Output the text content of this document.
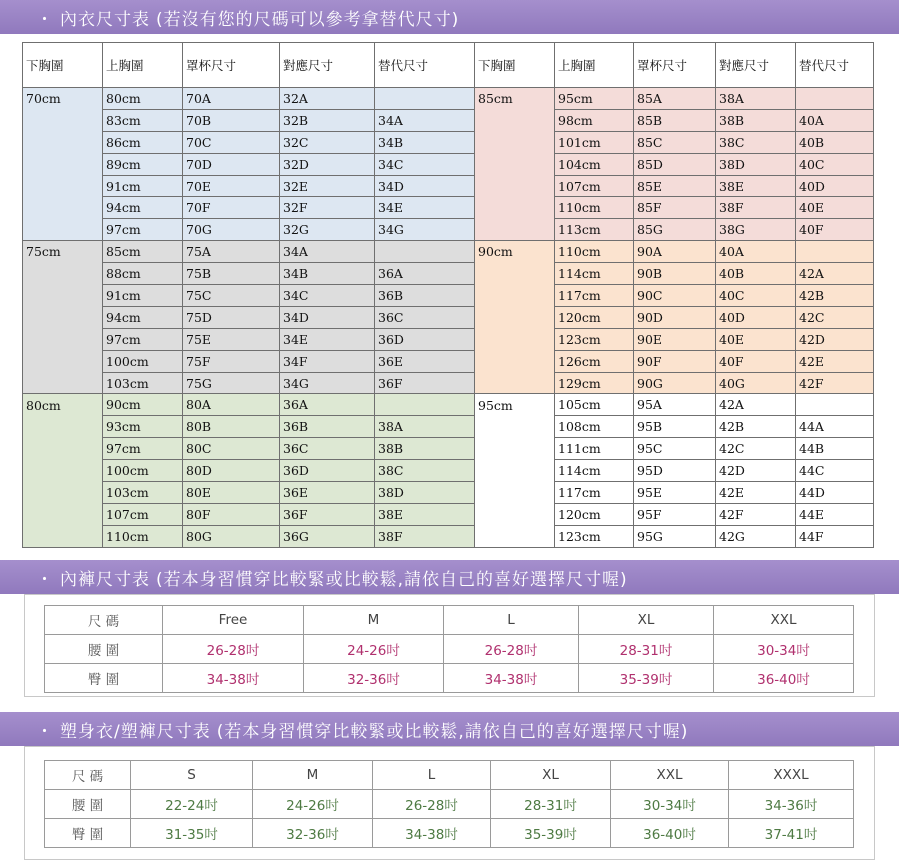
・ 內衣尺寸表 (若沒有您的尺碼可以參考拿替代尺寸)
下胸圍	上胸圍	罩杯尺寸	對應尺寸	替代尺寸	下胸圍	上胸圍	罩杯尺寸	對應尺寸	替代尺寸
70cm	80cm	70A	32A		85cm	95cm	85A	38A	
	83cm	70B	32B	34A		98cm	85B	38B	40A
	86cm	70C	32C	34B		101cm	85C	38C	40B
	89cm	70D	32D	34C		104cm	85D	38D	40C
	91cm	70E	32E	34D		107cm	85E	38E	40D
	94cm	70F	32F	34E		110cm	85F	38F	40E
	97cm	70G	32G	34G		113cm	85G	38G	40F
75cm	85cm	75A	34A		90cm	110cm	90A	40A	
	88cm	75B	34B	36A		114cm	90B	40B	42A
	91cm	75C	34C	36B		117cm	90C	40C	42B
	94cm	75D	34D	36C		120cm	90D	40D	42C
	97cm	75E	34E	36D		123cm	90E	40E	42D
	100cm	75F	34F	36E		126cm	90F	40F	42E
	103cm	75G	34G	36F		129cm	90G	40G	42F
80cm	90cm	80A	36A		95cm	105cm	95A	42A	
	93cm	80B	36B	38A		108cm	95B	42B	44A
	97cm	80C	36C	38B		111cm	95C	42C	44B
	100cm	80D	36D	38C		114cm	95D	42D	44C
	103cm	80E	36E	38D		117cm	95E	42E	44D
	107cm	80F	36F	38E		120cm	95F	42F	44E
	110cm	80G	36G	38F		123cm	95G	42G	44F
・ 內褲尺寸表 (若本身習慣穿比較緊或比較鬆,請依自己的喜好選擇尺寸喔)
尺 碼	Free	M	L	XL	XXL
腰 圍	26-28吋	24-26吋	26-28吋	28-31吋	30-34吋
臀 圍	34-38吋	32-36吋	34-38吋	35-39吋	36-40吋
・ 塑身衣/塑褲尺寸表 (若本身習慣穿比較緊或比較鬆,請依自己的喜好選擇尺寸喔)
尺 碼	S	M	L	XL	XXL	XXXL
腰 圍	22-24吋	24-26吋	26-28吋	28-31吋	30-34吋	34-36吋
臀 圍	31-35吋	32-36吋	34-38吋	35-39吋	36-40吋	37-41吋
